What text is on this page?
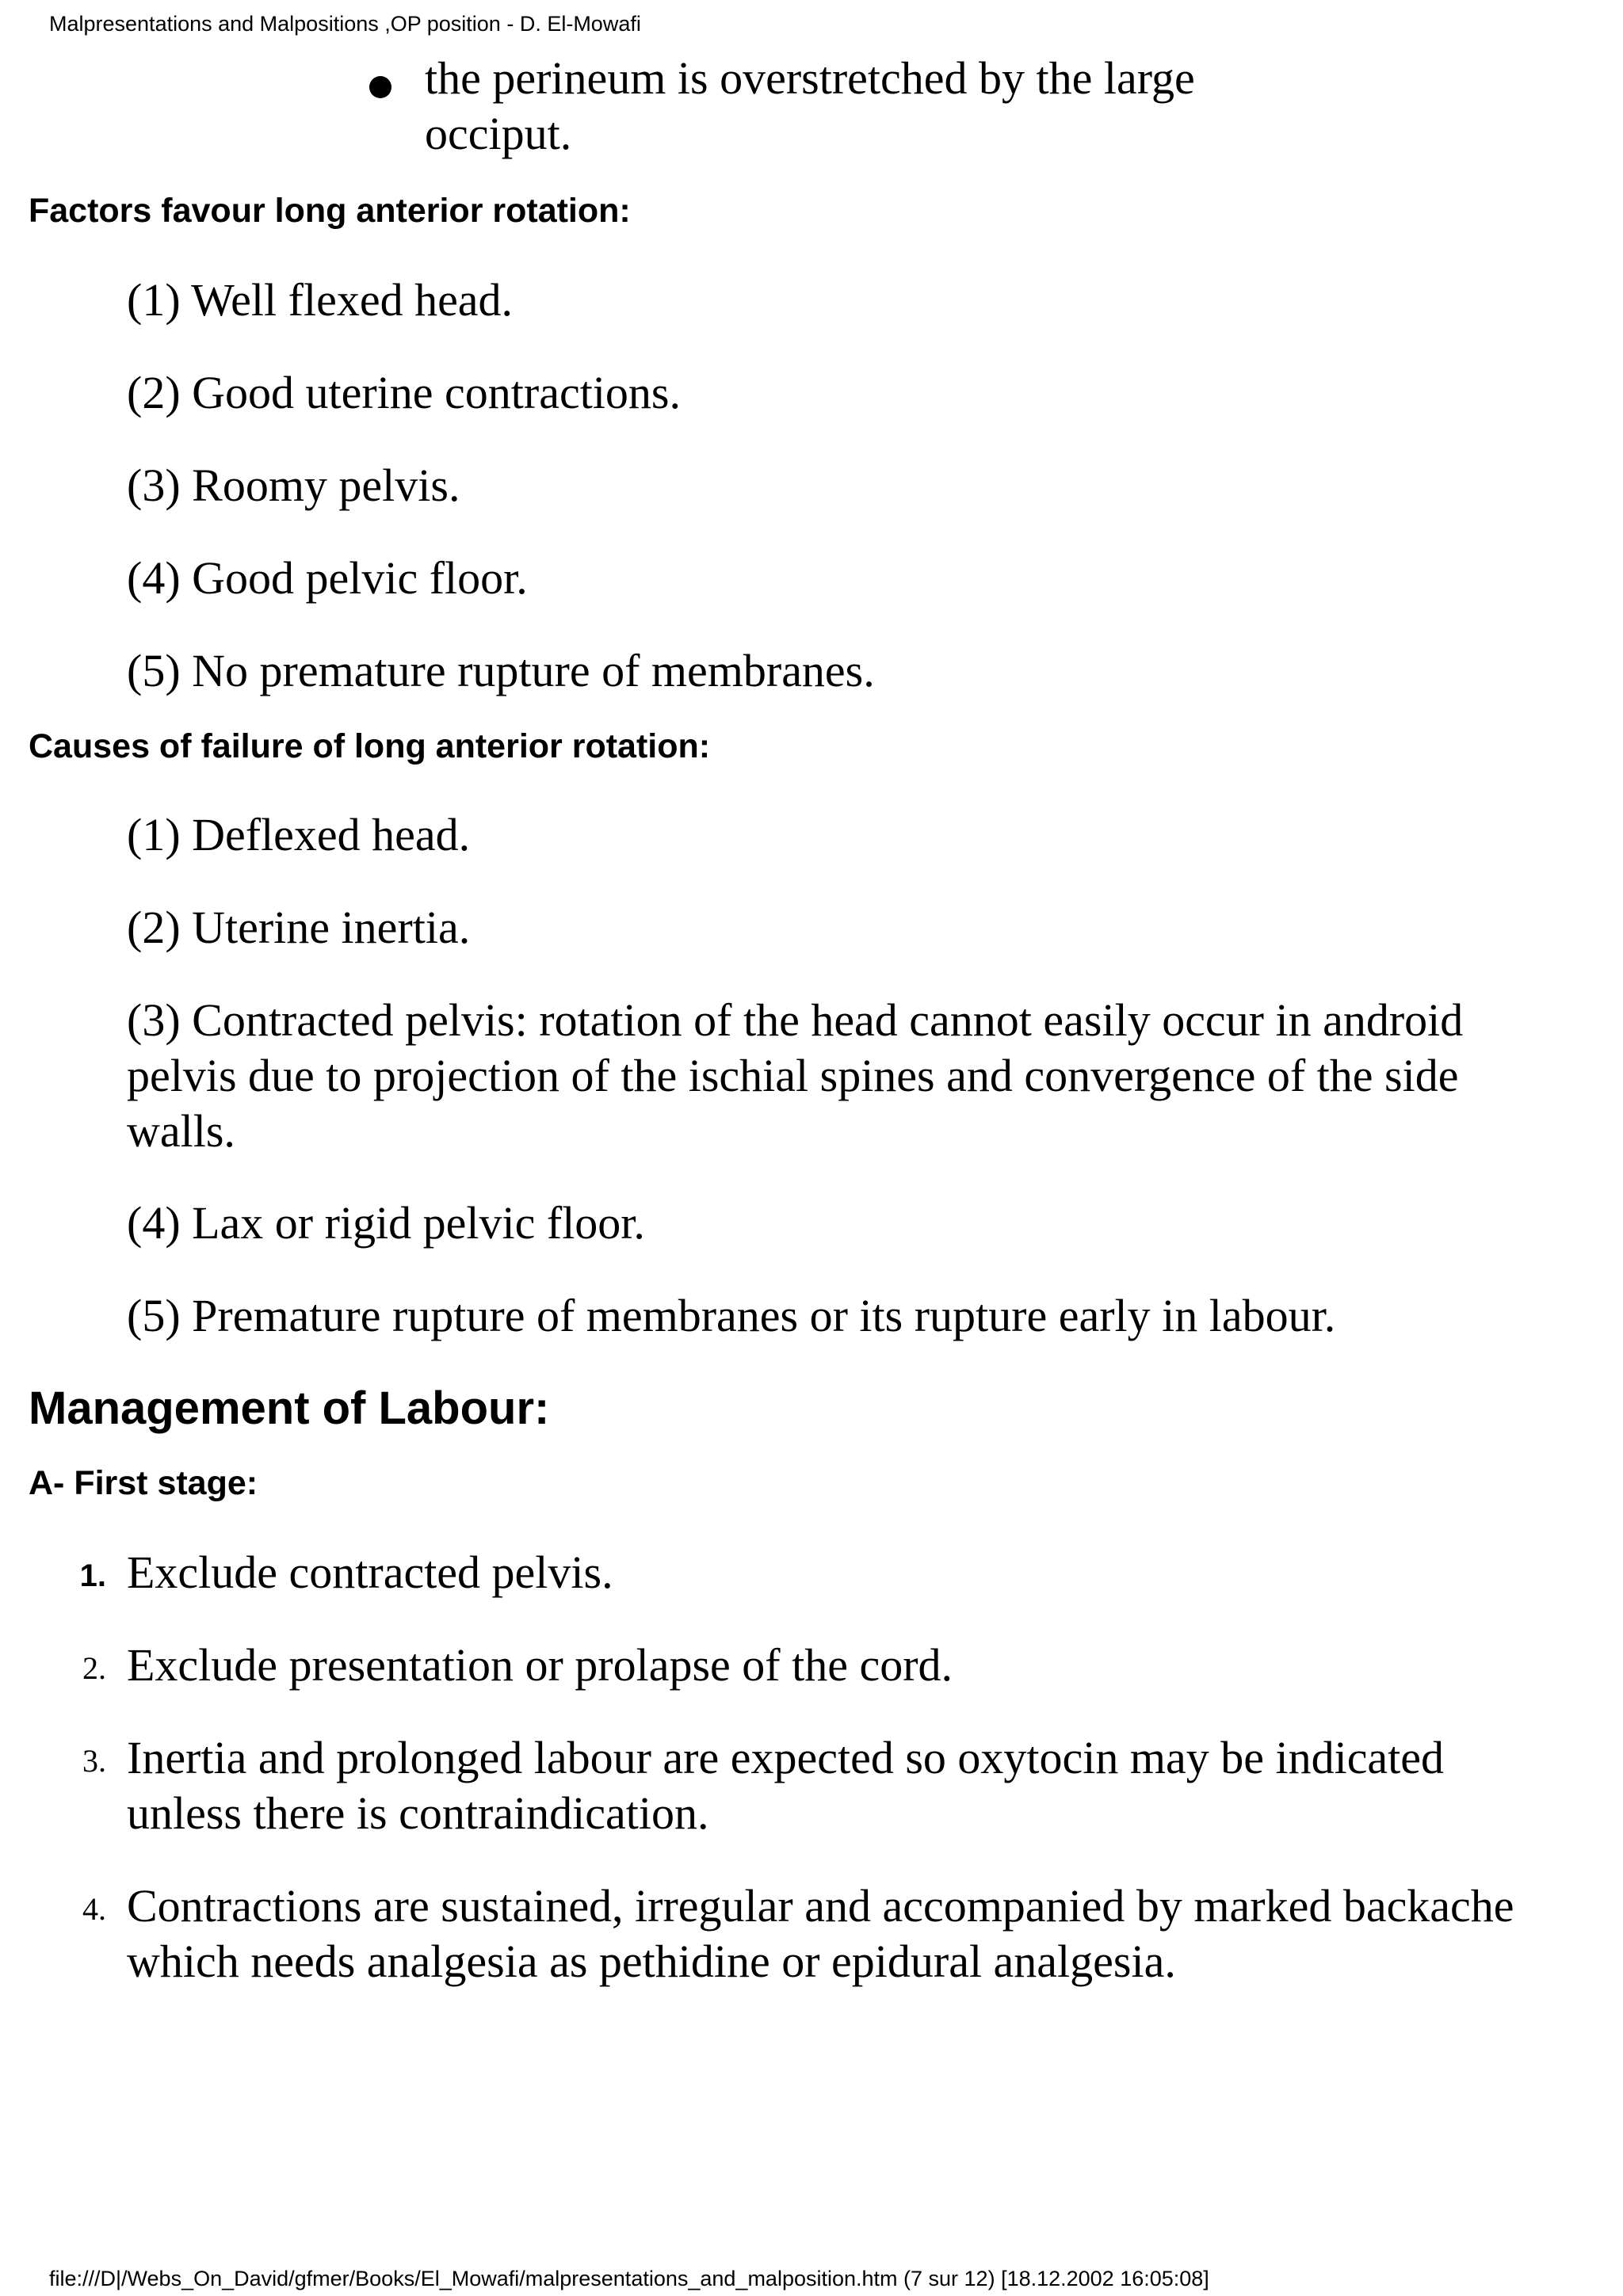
Malpresentations and Malpositions ,OP position - D. El-Mowafi
the perineum is overstretched by the large occiput.
Factors favour long anterior rotation:
(1) Well flexed head.
(2) Good uterine contractions.
(3) Roomy pelvis.
(4) Good pelvic floor.
(5) No premature rupture of membranes.
Causes of failure of long anterior rotation:
(1) Deflexed head.
(2) Uterine inertia.
(3) Contracted pelvis: rotation of the head cannot easily occur in android pelvis due to projection of the ischial spines and convergence of the side walls.
(4) Lax or rigid pelvic floor.
(5) Premature rupture of membranes or its rupture early in labour.
Management of Labour:
A- First stage:
1. Exclude contracted pelvis.
2. Exclude presentation or prolapse of the cord.
3. Inertia and prolonged labour are expected so oxytocin may be indicated unless there is contraindication.
4. Contractions are sustained, irregular and accompanied by marked backache which needs analgesia as pethidine or epidural analgesia.
file:///D|/Webs_On_David/gfmer/Books/El_Mowafi/malpresentations_and_malposition.htm (7 sur 12) [18.12.2002 16:05:08]
